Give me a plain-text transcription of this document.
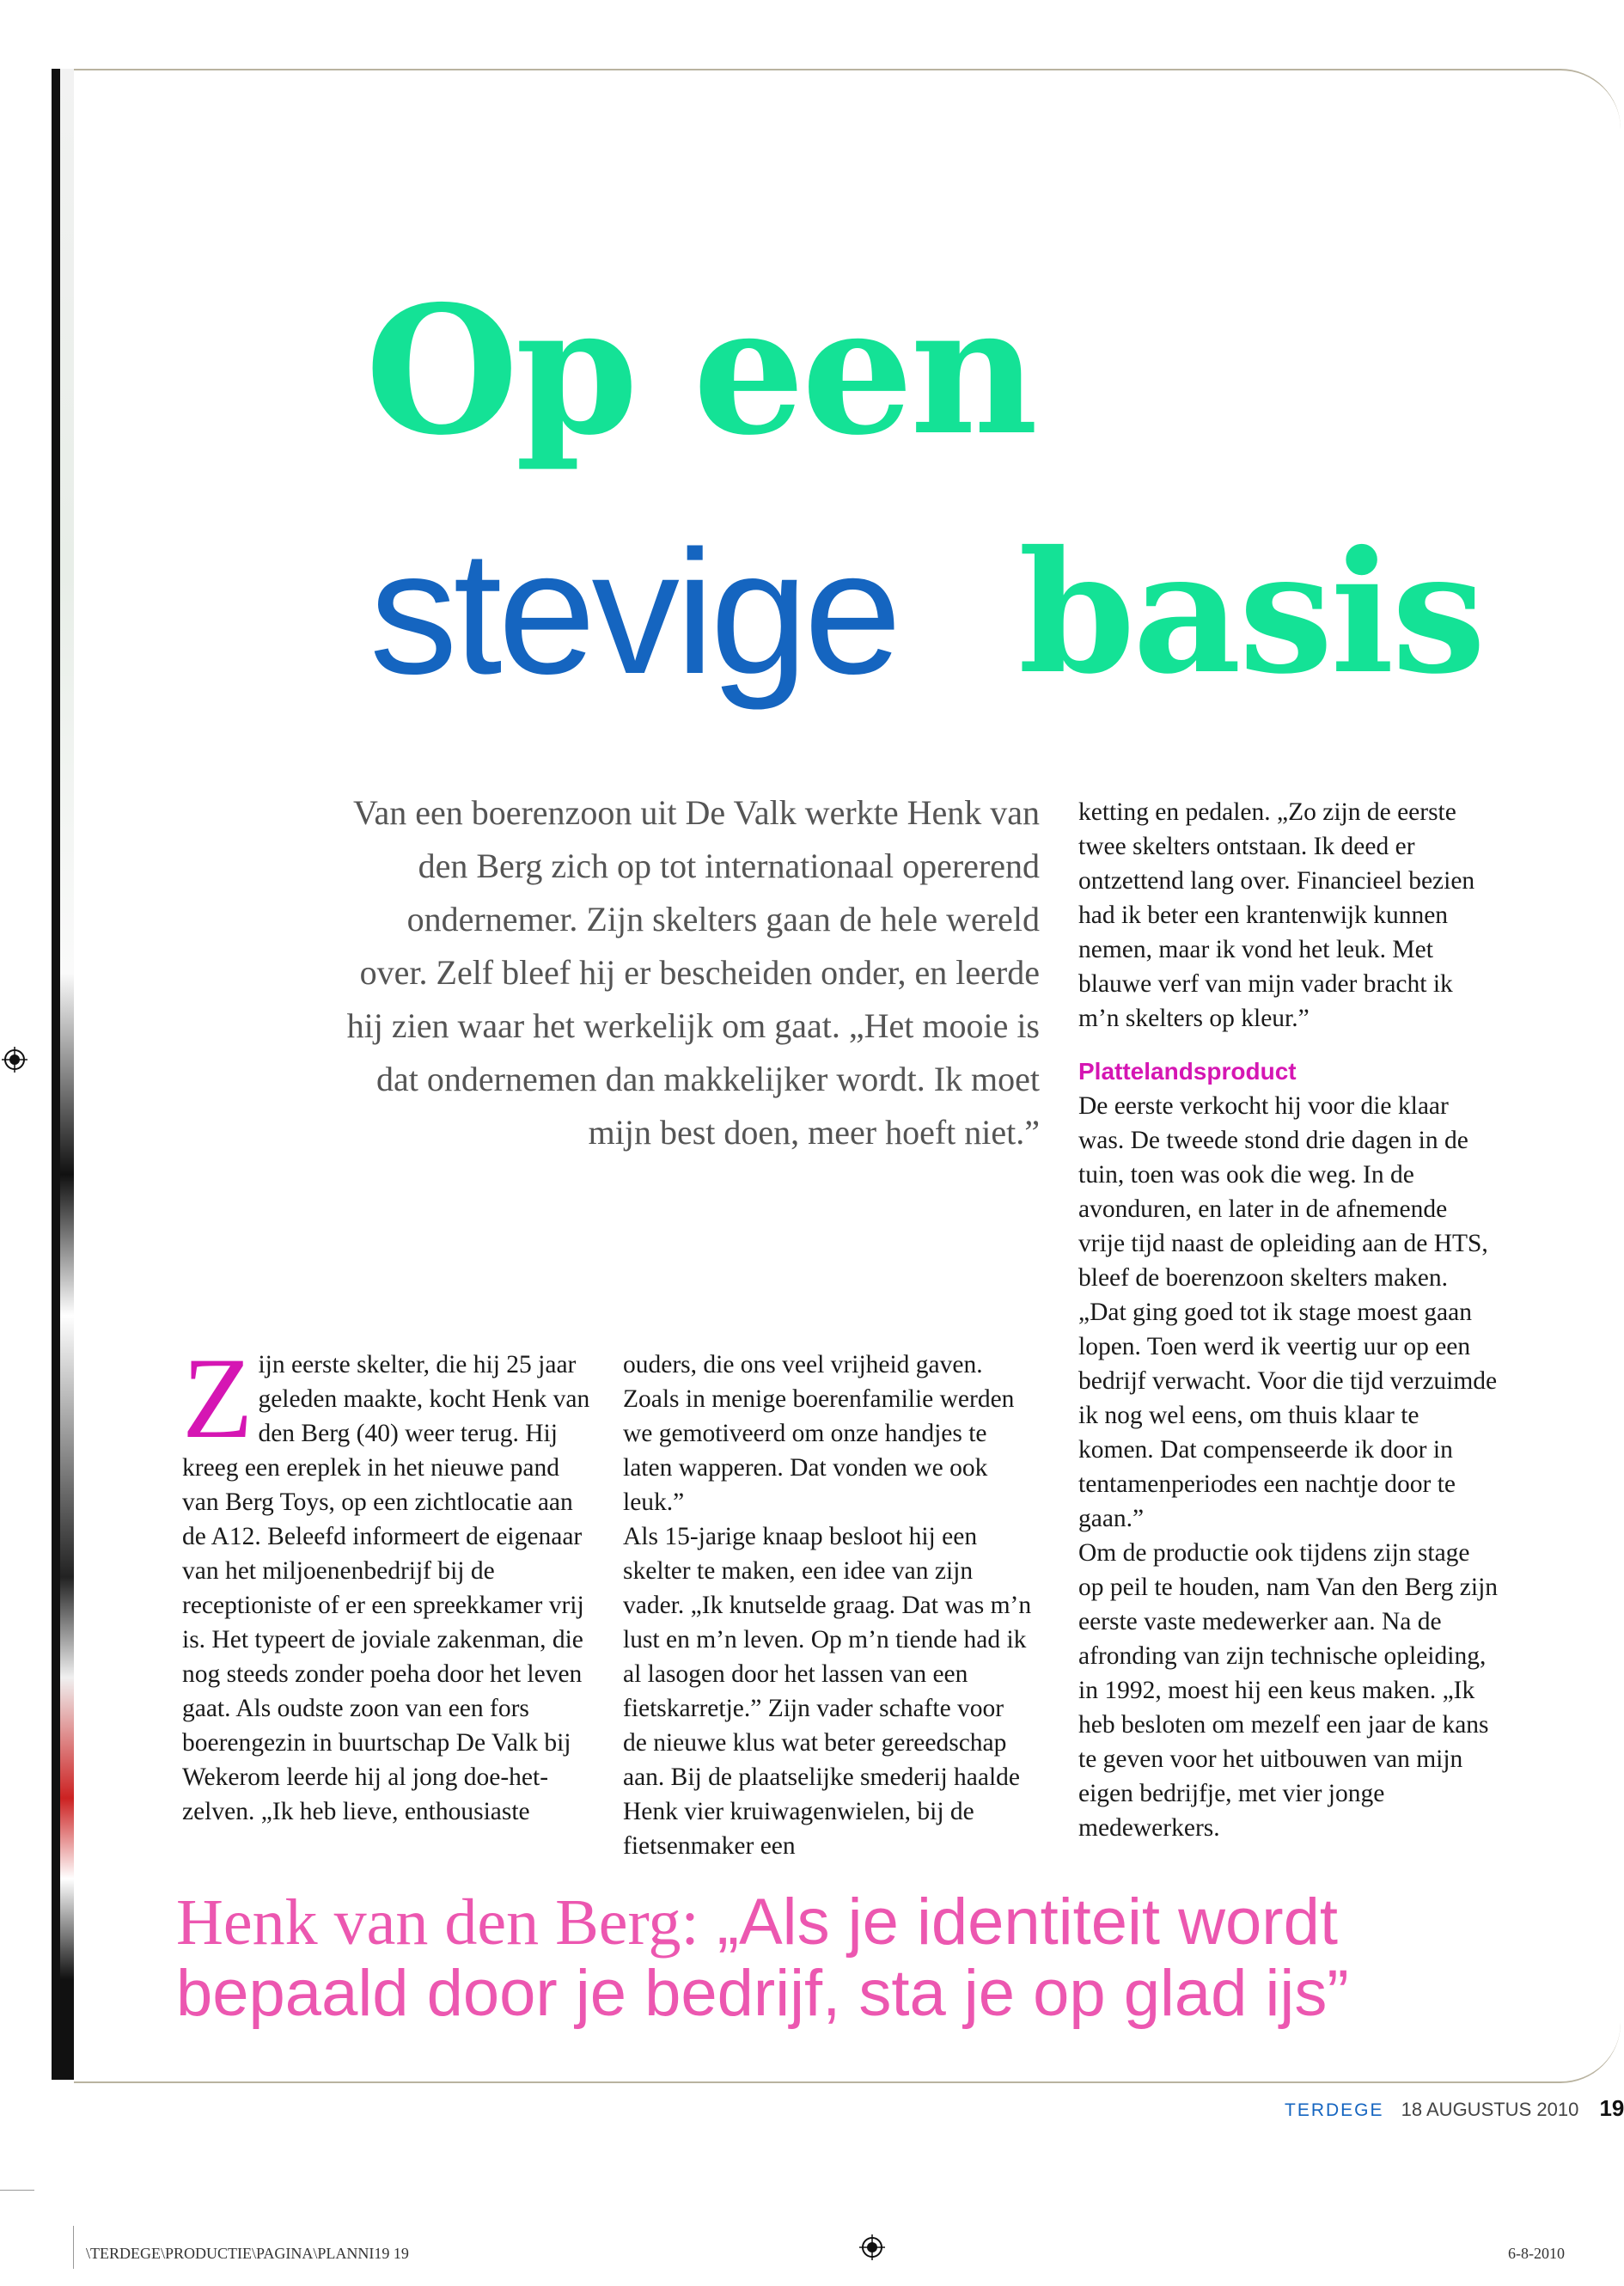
Op een
stevige basis
Van een boerenzoon uit De Valk werkte Henk van den Berg zich op tot internationaal opererend ondernemer. Zijn skelters gaan de hele wereld over. Zelf bleef hij er bescheiden onder, en leerde hij zien waar het werkelijk om gaat. „Het mooie is dat ondernemen dan makkelijker wordt. Ik moet mijn best doen, meer hoeft niet.”
Z ijn eerste skelter, die hij 25 jaar geleden maakte, kocht Henk van den Berg (40) weer terug. Hij kreeg een ereplek in het nieuwe pand van Berg Toys, op een zichtlocatie aan de A12. Beleefd informeert de eigenaar van het miljoenenbedrijf bij de receptioniste of er een spreekkamer vrij is. Het typeert de joviale zakenman, die nog steeds zonder poeha door het leven gaat. Als oudste zoon van een fors boerengezin in buurtschap De Valk bij Wekerom leerde hij al jong doe-het-zelven. „Ik heb lieve, enthousiaste
ouders, die ons veel vrijheid gaven. Zoals in menige boerenfamilie werden we gemotiveerd om onze handjes te laten wapperen. Dat vonden we ook leuk.”
Als 15-jarige knaap besloot hij een skelter te maken, een idee van zijn vader. „Ik knutselde graag. Dat was m’n lust en m’n leven. Op m’n tiende had ik al lasogen door het lassen van een fietskarretje.” Zijn vader schafte voor de nieuwe klus wat beter gereedschap aan. Bij de plaatselijke smederij haalde Henk vier kruiwagenwielen, bij de fietsenmaker een
ketting en pedalen. „Zo zijn de eerste twee skelters ontstaan. Ik deed er ontzettend lang over. Financieel bezien had ik beter een krantenwijk kunnen nemen, maar ik vond het leuk. Met blauwe verf van mijn vader bracht ik m’n skelters op kleur.”
Plattelandsproduct
De eerste verkocht hij voor die klaar was. De tweede stond drie dagen in de tuin, toen was ook die weg. In de avonduren, en later in de afnemende vrije tijd naast de opleiding aan de HTS, bleef de boerenzoon skelters maken. „Dat ging goed tot ik stage moest gaan lopen. Toen werd ik veertig uur op een bedrijf verwacht. Voor die tijd verzuimde ik nog wel eens, om thuis klaar te komen. Dat compenseerde ik door in tentamenperiodes een nachtje door te gaan.”
Om de productie ook tijdens zijn stage op peil te houden, nam Van den Berg zijn eerste vaste medewerker aan. Na de afronding van zijn technische opleiding, in 1992, moest hij een keus maken. „Ik heb besloten om mezelf een jaar de kans te geven voor het uitbouwen van mijn eigen bedrijfje, met vier jonge medewerkers.
Henk van den Berg: „Als je identiteit wordt bepaald door je bedrijf, sta je op glad ijs”
TERDEGE 18 AUGUSTUS 2010 19
\TERDEGE\PRODUCTIE\PAGINA\PLANNI19 19	6-8-2010
